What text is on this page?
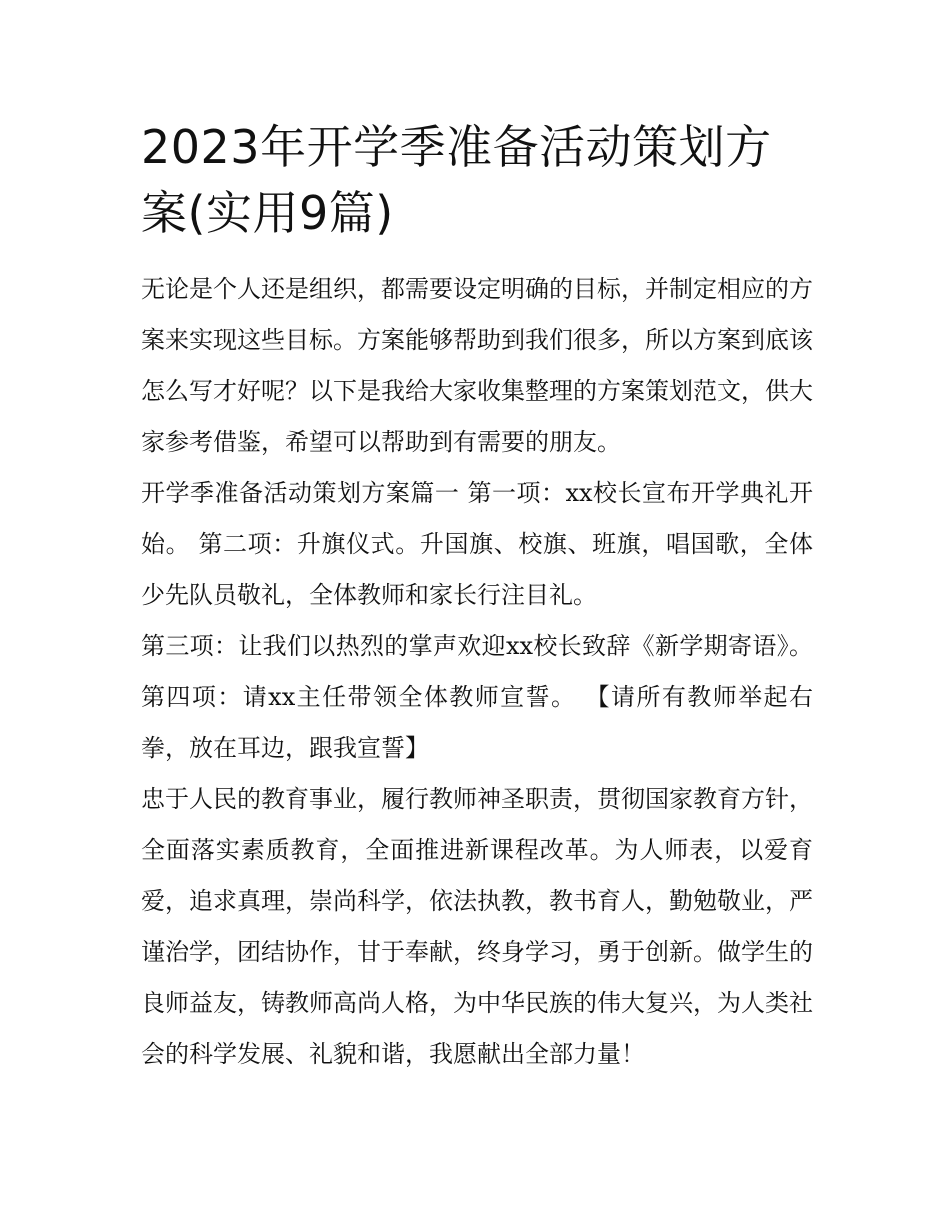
2023年开学季准备活动策划方案(实用9篇)

无论是个人还是组织，都需要设定明确的目标，并制定相应的方案来实现这些目标。方案能够帮助到我们很多，所以方案到底该怎么写才好呢？以下是我给大家收集整理的方案策划范文，供大家参考借鉴，希望可以帮助到有需要的朋友。

开学季准备活动策划方案篇一 第一项：xx校长宣布开学典礼开始。 第二项：升旗仪式。升国旗、校旗、班旗，唱国歌，全体少先队员敬礼，全体教师和家长行注目礼。

第三项：让我们以热烈的掌声欢迎xx校长致辞《新学期寄语》。 第四项：请xx主任带领全体教师宣誓。 【请所有教师举起右拳，放在耳边，跟我宣誓】

忠于人民的教育事业，履行教师神圣职责，贯彻国家教育方针，全面落实素质教育，全面推进新课程改革。为人师表，以爱育爱，追求真理，崇尚科学，依法执教，教书育人，勤勉敬业，严谨治学，团结协作，甘于奉献，终身学习，勇于创新。做学生的良师益友，铸教师高尚人格，为中华民族的伟大复兴，为人类社会的科学发展、礼貌和谐，我愿献出全部力量！
